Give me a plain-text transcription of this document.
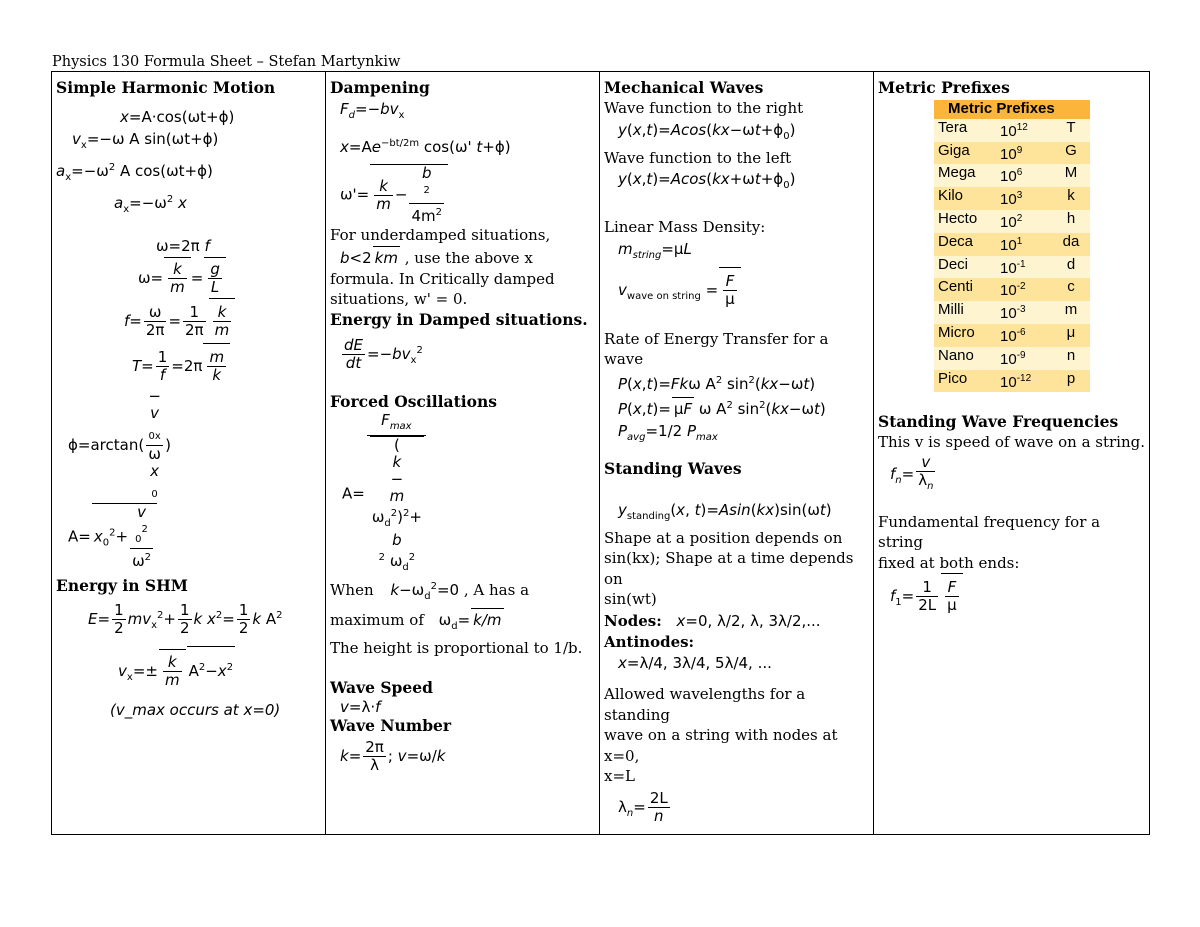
Physics 130 Formula Sheet – Stefan Martynkiw
Simple Harmonic Motion
x=A·cos(ωt+ϕ)
$v_x=-\omega$ A sin(ωt+ϕ)
$a_x=-\omega^2$ A cos(ωt+ϕ)
$a_x=-\omega^2$ x
ω=2π f
$\omega= \frac{k}{m} = \frac{g}{L}$
$f= \frac{\omega}{2\pi} = \frac{1}{2\pi} \frac{k}{m}$
$T= \frac{1}{f} =2\pi \frac{m}{k}$
ϕ=arctan( −
v
$_{0x}$
ω
x
$_0$ )
$A= x_0^2+ v$
$_0^2$
$\omega^2$
Energy in SHM
$E= \frac{1}{2} mv_x^2+ \frac{1}{2}$ k $x^2= \frac{1}{2}$ k $A^2$
$v_x=\pm \frac{k}{m} A^2-x^2$
(v_max occurs at x=0)

Dampening
$F_d=-bv_x$
$x=Ae^{-bt/2m}$ cos(ω' t+ϕ)
$\omega'= \frac{k}{m} - b$
$^2$
$4m^2$
For underdamped situations,
b<2 km , use the above x
formula. In Critically damped
situations, w' = 0.
Energy in Damped situations.
$\frac{dE}{dt} =-bv_x^2$
Forced Oscillations
$A= F_{max}$
(
k
−
m
$\omega_d^2)^2+$
b
$^2$ $\omega_d^2$
When $k-\omega_d^2=0$ , A has a
maximum of $\omega_d= k/m$
The height is proportional to 1/b.
Wave Speed
v=λ·f
Wave Number
$k= \frac{2\pi}{\lambda}$ ; v=ω/k

Mechanical Waves
Wave function to the right
$y(x,t)=Acos(kx-\omega t+\phi_0)$
Wave function to the left
$y(x,t)=Acos(kx+\omega t+\phi_0)$
Linear Mass Density:
$m_{string}=\mu L$
$v_{wave on string} = \frac{F}{\mu}$
Rate of Energy Transfer for a wave
P(x,t)=Fkω $A^2$ $\sin^2(kx-\omega t)$
P(x,t)= μF ω $A^2$ $\sin^2(kx-\omega t)$
$P_{avg}=1/2$ $P_{max}$
Standing Waves
$y_{standing}(x$, t)=Asin(kx)sin(ωt)
Shape at a position depends on
sin(kx); Shape at a time depends on
sin(wt)
Nodes: x=0, λ/2, λ, 3λ/2,...
Antinodes:
x=λ/4, 3λ/4, 5λ/4, ...
Allowed wavelengths for a standing
wave on a string with nodes at x=0,
x=L
$\lambda_n= \frac{2L}{n}$

Metric Prefixes
Metric Prefixes
Tera	$10^{12}$	T
Giga	$10^9$	G
Mega	$10^6$	M
Kilo	$10^3$	k
Hecto	$10^2$	h
Deca	$10^1$	da
Deci	$10^{-1}$	d
Centi	$10^{-2}$	c
Milli	$10^{-3}$	m
Micro	$10^{-6}$	μ
Nano	$10^{-9}$	n
Pico	$10^{-12}$	p
Standing Wave Frequencies
This v is speed of wave on a string.
$f_n= \frac{v}{\lambda_n}$
Fundamental frequency for a string
fixed at both ends:
$f_1= \frac{1}{2L} \frac{F}{\mu}$
